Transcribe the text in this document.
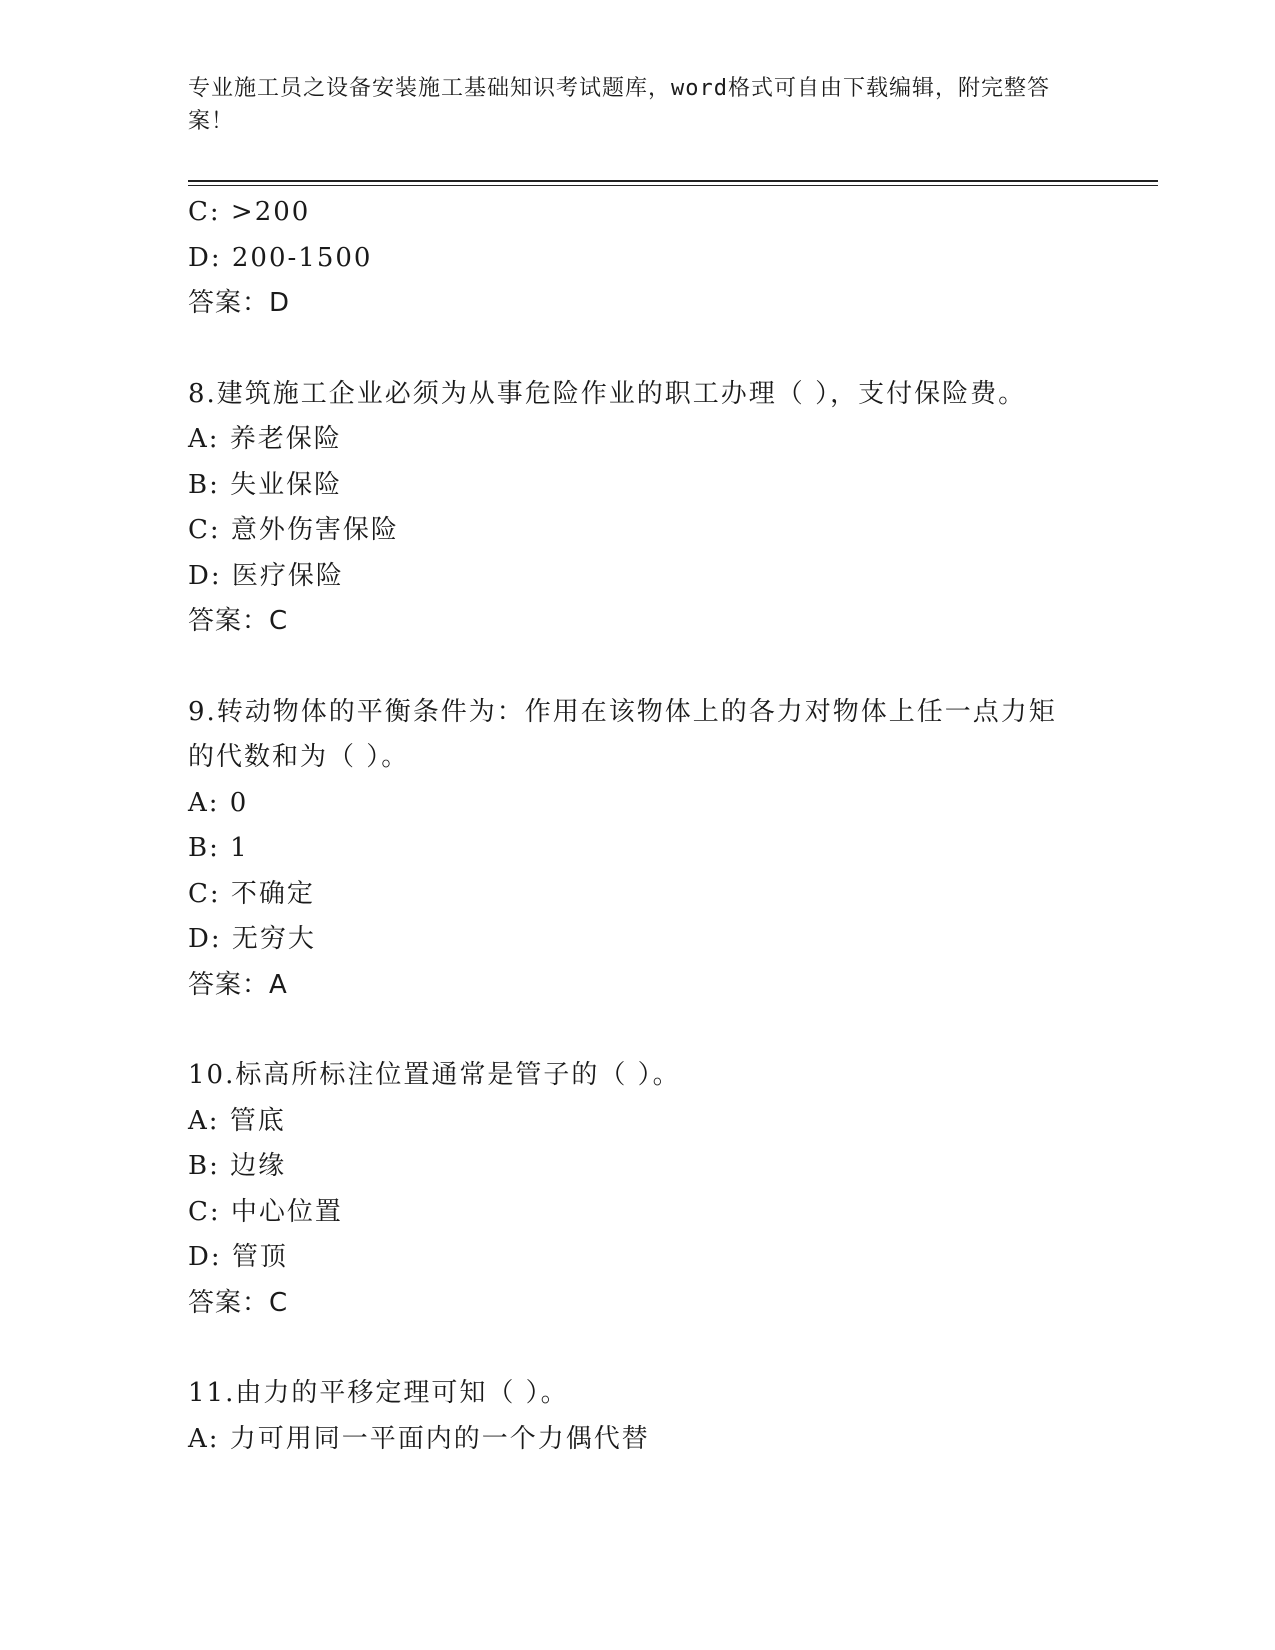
专业施工员之设备安装施工基础知识考试题库，word格式可自由下载编辑，附完整答案！
C: >200
D: 200-1500
答案：D
8.建筑施工企业必须为从事危险作业的职工办理（ ），支付保险费。
A: 养老保险
B: 失业保险
C: 意外伤害保险
D: 医疗保险
答案：C
9.转动物体的平衡条件为：作用在该物体上的各力对物体上任一点力矩的代数和为（ ）。
A: 0
B: 1
C: 不确定
D: 无穷大
答案：A
10.标高所标注位置通常是管子的（ ）。
A: 管底
B: 边缘
C: 中心位置
D: 管顶
答案：C
11.由力的平移定理可知（ ）。
A: 力可用同一平面内的一个力偶代替
